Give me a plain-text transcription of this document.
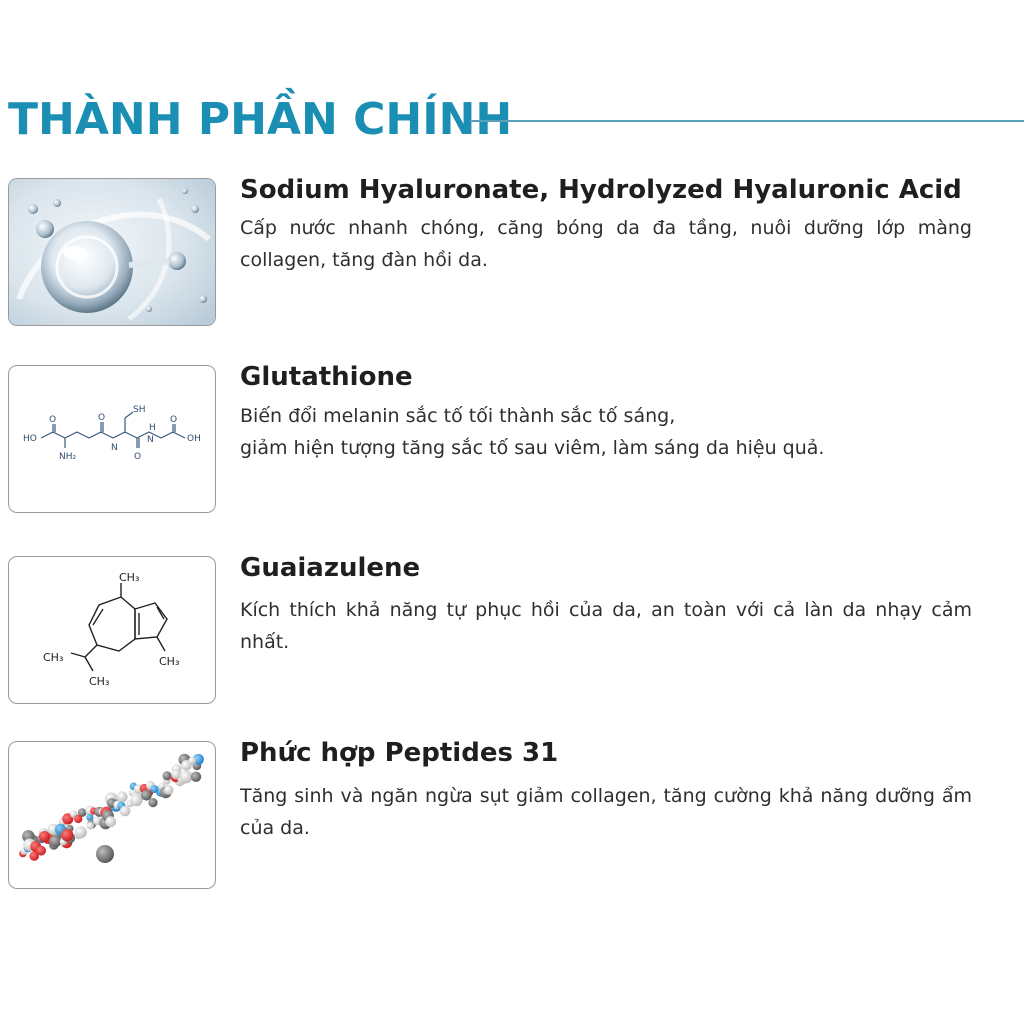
THÀNH PHẦN CHÍNH
Sodium Hyaluronate, Hydrolyzed Hyaluronic Acid
Cấp nước nhanh chóng, căng bóng da đa tầng, nuôi dưỡng lớp màng collagen, tăng đàn hồi da.
HO
O
NH₂
O
N
SH
O
N
H
O
OH
Glutathione
Biến đổi melanin sắc tố tối thành sắc tố sáng,
giảm hiện tượng tăng sắc tố sau viêm, làm sáng da hiệu quả.
CH₃
CH₃
CH₃
CH₃
Guaiazulene
Kích thích khả năng tự phục hồi của da, an toàn với cả làn da nhạy cảm nhất.
Phức hợp Peptides 31
Tăng sinh và ngăn ngừa sụt giảm collagen, tăng cường khả năng dưỡng ẩm của da.
